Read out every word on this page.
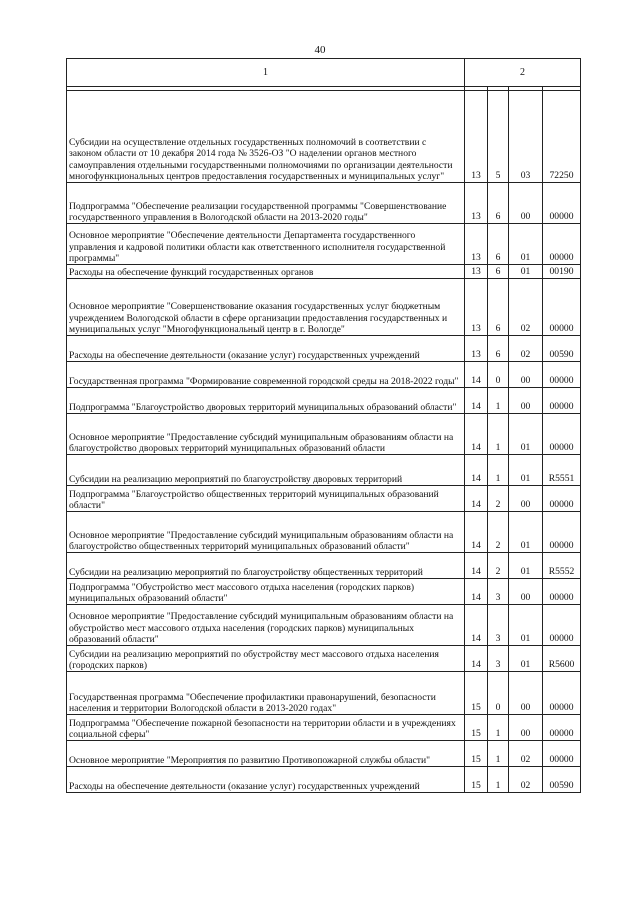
40
1	2			

Субсидии на осуществление отдельных государственных полномочий в соответствии с законом области от 10 декабря 2014 года № 3526-ОЗ "О наделении органов местного самоуправления отдельными государственными полномочиями по организации деятельности многофункциональных центров предоставления государственных и муниципальных услуг"	13	5	03	72250
Подпрограмма "Обеспечение реализации государственной программы "Совершенствование государственного управления в Вологодской области на 2013-2020 годы"	13	6	00	00000
Основное мероприятие "Обеспечение деятельности Департамента государственного управления и кадровой политики области как ответственного исполнителя государственной программы"	13	6	01	00000
Расходы на обеспечение функций государственных органов	13	6	01	00190
Основное мероприятие "Совершенствование оказания государственных услуг бюджетным учреждением Вологодской области в сфере организации предоставления государственных и муниципальных услуг "Многофункциональный центр в г. Вологде"	13	6	02	00000
Расходы на обеспечение деятельности (оказание услуг) государственных учреждений	13	6	02	00590
Государственная программа "Формирование современной городской среды на 2018-2022 годы"	14	0	00	00000
Подпрограмма "Благоустройство дворовых территорий муниципальных образований области"	14	1	00	00000
Основное мероприятие "Предоставление субсидий муниципальным образованиям области на благоустройство дворовых территорий муниципальных образований области	14	1	01	00000
Субсидии на реализацию мероприятий по благоустройству дворовых территорий	14	1	01	R5551
Подпрограмма "Благоустройство общественных территорий муниципальных образований области"	14	2	00	00000
Основное мероприятие "Предоставление субсидий муниципальным образованиям области на благоустройство общественных территорий муниципальных образований области"	14	2	01	00000
Субсидии на реализацию мероприятий по благоустройству общественных территорий	14	2	01	R5552
Подпрограмма "Обустройство мест массового отдыха населения (городских парков) муниципальных образований области"	14	3	00	00000
Основное мероприятие "Предоставление субсидий муниципальным образованиям области на обустройство мест массового отдыха населения (городских парков) муниципальных образований области"	14	3	01	00000
Субсидии на реализацию мероприятий по обустройству мест массового отдыха населения (городских парков)	14	3	01	R5600
Государственная программа "Обеспечение профилактики правонарушений, безопасности населения и территории Вологодской области в 2013-2020 годах"	15	0	00	00000
Подпрограмма "Обеспечение пожарной безопасности на территории области и в учреждениях социальной сферы"	15	1	00	00000
Основное мероприятие "Мероприятия по развитию Противопожарной службы области"	15	1	02	00000
Расходы на обеспечение деятельности (оказание услуг) государственных учреждений	15	1	02	00590
